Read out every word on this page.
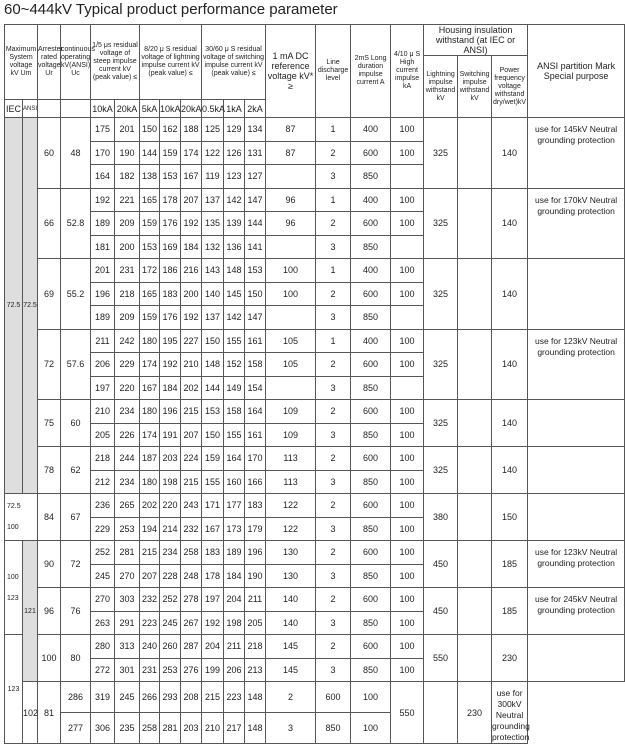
60~444kV Typical product performance parameter
Maximum System voltage kV Um		Arrester rated voltage Ur	continuous operating kV(ANSI) Uc	1/5 μs residual voltage of steep impulse current kV (peak value) ≤		8/20 μ S residual voltage of lightning impulse current kV (peak value) ≤			30/60 μ S residual voltage of switching impulse current kV (peak value) ≤			1 mA DC reference voltage kV* ≥	Line discharge level	2mS Long duration impulse current A	4/10 μ S High current impulse kA	Housing insulation withstand (at IEC or ANSI)			ANSI partition Mark Special purpose
																Lightning impulse withstand kV	Switching impulse withstand kV	Power frequency voltage withstand dry/wet)kV	
IEC	ANSI			10kA	20kA	5kA	10kA	20kA	0.5kA	1kA	2kA								

72.5	72.5	60	48	175	201	150	162	188	125	129	134	87	1	400	100	325		140	use for 145kV Neutral grounding protection
				170	190	144	159	174	122	126	131	87	2	600	100				
				164	182	138	153	167	119	123	127		3	850					
		66	52.8	192	221	165	178	207	137	142	147	96	1	400	100	325		140	use for 170kV Neutral grounding protection
				189	209	159	176	192	135	139	144	96	2	600	100				
				181	200	153	169	184	132	136	141		3	850					
		69	55.2	201	231	172	186	216	143	148	153	100	1	400	100	325		140	
				196	218	165	183	200	140	145	150	100	2	600	100				
				189	209	159	176	192	137	142	147		3	850					
		72	57.6	211	242	180	195	227	150	155	161	105	1	400	100	325		140	use for 123kV Neutral grounding protection
				206	229	174	192	210	148	152	158	105	2	600	100				
				197	220	167	184	202	144	149	154		3	850					
		75	60	210	234	180	196	215	153	158	164	109	2	600	100	325		140	
				205	226	174	191	207	150	155	161	109	3	850	100				
		78	62	218	244	187	203	224	159	164	170	113	2	600	100	325		140	
				212	234	180	198	215	155	160	166	113	3	850	100				

72.5
100		84	67	236	265	202	220	243	171	177	183	122	2	600	100	380		150	
				229	253	194	214	232	167	173	179	122	3	850	100				

100
123	121	90	72	252	281	215	234	258	183	189	196	130	2	600	100	450		185	use for 123kV Neutral grounding protection
				245	270	207	228	248	178	184	190	130	3	850	100				
		96	76	270	303	232	252	278	197	204	211	140	2	600	100	450		185	use for 245kV Neutral grounding protection
				263	291	223	245	267	192	198	205	140	3	850	100				

123		100	80	280	313	240	260	287	204	211	218	145	2	600	100	550		230	
				272	301	231	253	276	199	206	213	145	3	850	100				
	102	81	286	319	245	266	293	208	215	223	148	2	600	100	550		230	use for 300kV Neutral grounding protection	
			277	306	235	258	281	203	210	217	148	3	850	100					
